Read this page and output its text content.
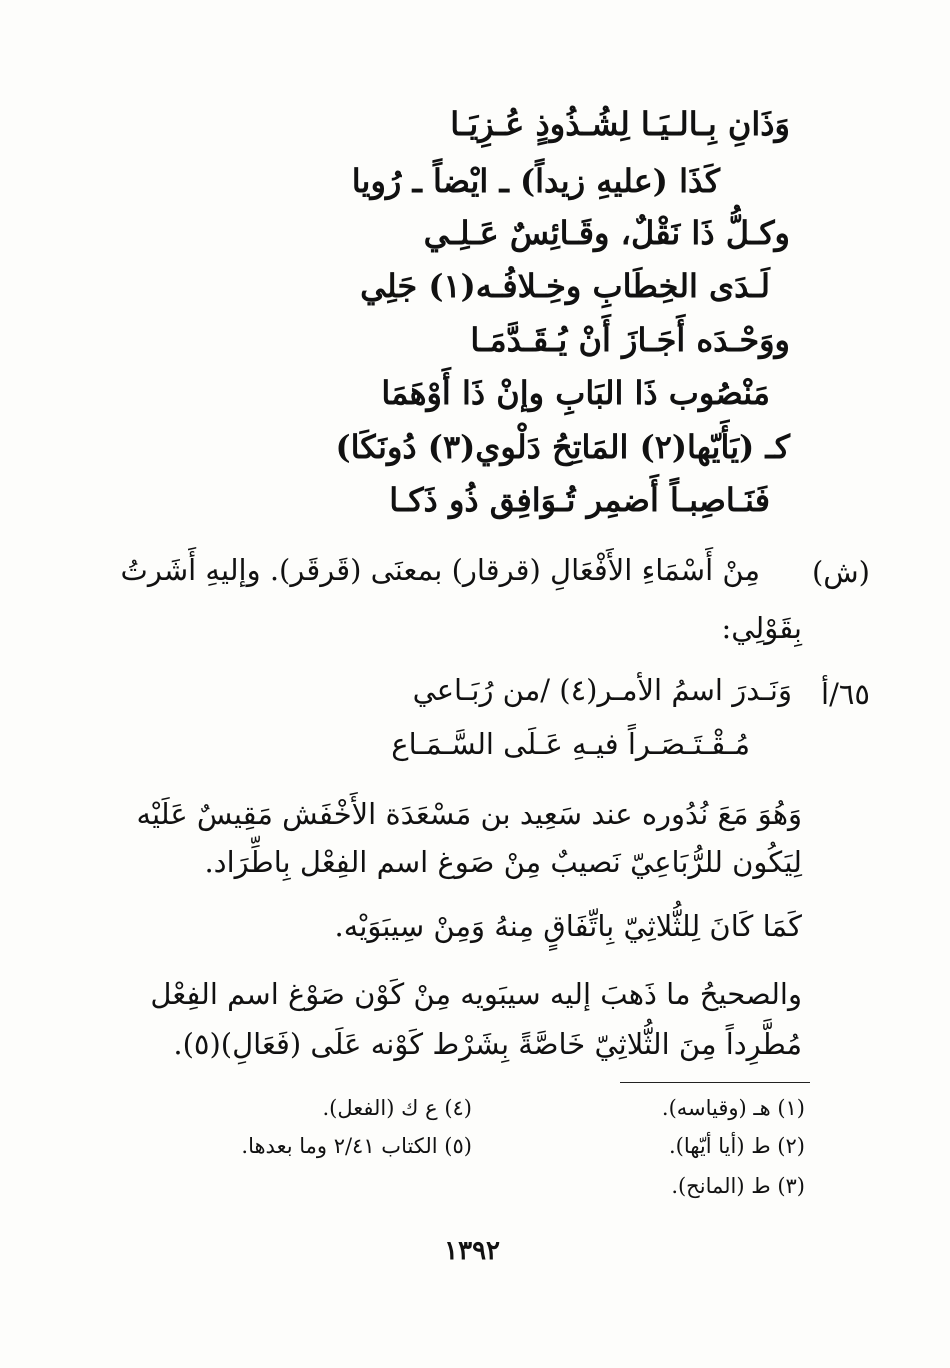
وَذَانِ بِـالـيَـا لِشُـذُوذٍ عُـزِيَـا
كَذَا (عليهِ زيداً) ـ ايْضاً ـ رُويا
وكـلُّ ذَا نَقْلٌ، وقَـائِسٌ عَـلِـي
لَـدَى الخِطَابِ وخِـلافُـه(١) جَلِي
ووَحْـدَه أَجَـازَ أَنْ يُـقَـدَّمَـا
مَنْصُوب ذَا البَابِ وإنْ ذَا أَوْهَمَا
كـ (يَأَيّها(٢) المَاتِحُ دَلْوي(٣) دُونَكَا)
فَنَـاصِبـاً أَضمِر تُـوَافِق ذُو ذَكـا
(ش)
مِنْ أَسْمَاءِ الأَفْعَالِ (قرقار) بمعنَى (قَرقَر). وإليهِ أَشَرتُ
بِقَوْلِي:
٦٥/أ
وَنَـدرَ اسمُ الأمـر(٤) /من رُبَـاعي
مُـقْـتَـصَـراً فيـهِ عَـلَى السَّـمَـاع
وَهُوَ مَعَ نُدُوره عند سَعِيد بن مَسْعَدَة الأَخْفَش مَقِيسٌ عَلَيْه
لِيَكُون للرُّبَاعِيّ نَصيبٌ مِنْ صَوغ اسم الفِعْل بِاطِّرَاد.
كَمَا كَانَ لِلثُّلاثِيّ بِاتِّفَاقٍ مِنهُ وَمِنْ سِيبَوَيْه.
والصحيحُ ما ذَهبَ إليه سيبَويه مِنْ كَوْن صَوْغ اسم الفِعْل
مُطَّرِداً مِنَ الثُّلاثِيّ خَاصَّةً بِشَرْط كَوْنه عَلَى (فَعَالِ)(٥).
(١) هـ (وقياسه).
(٢) ط (أيا أيّها).
(٣) ط (المانح).
(٤) ع ك (الفعل).
(٥) الكتاب ٢/٤١ وما بعدها.
١٣٩٢
